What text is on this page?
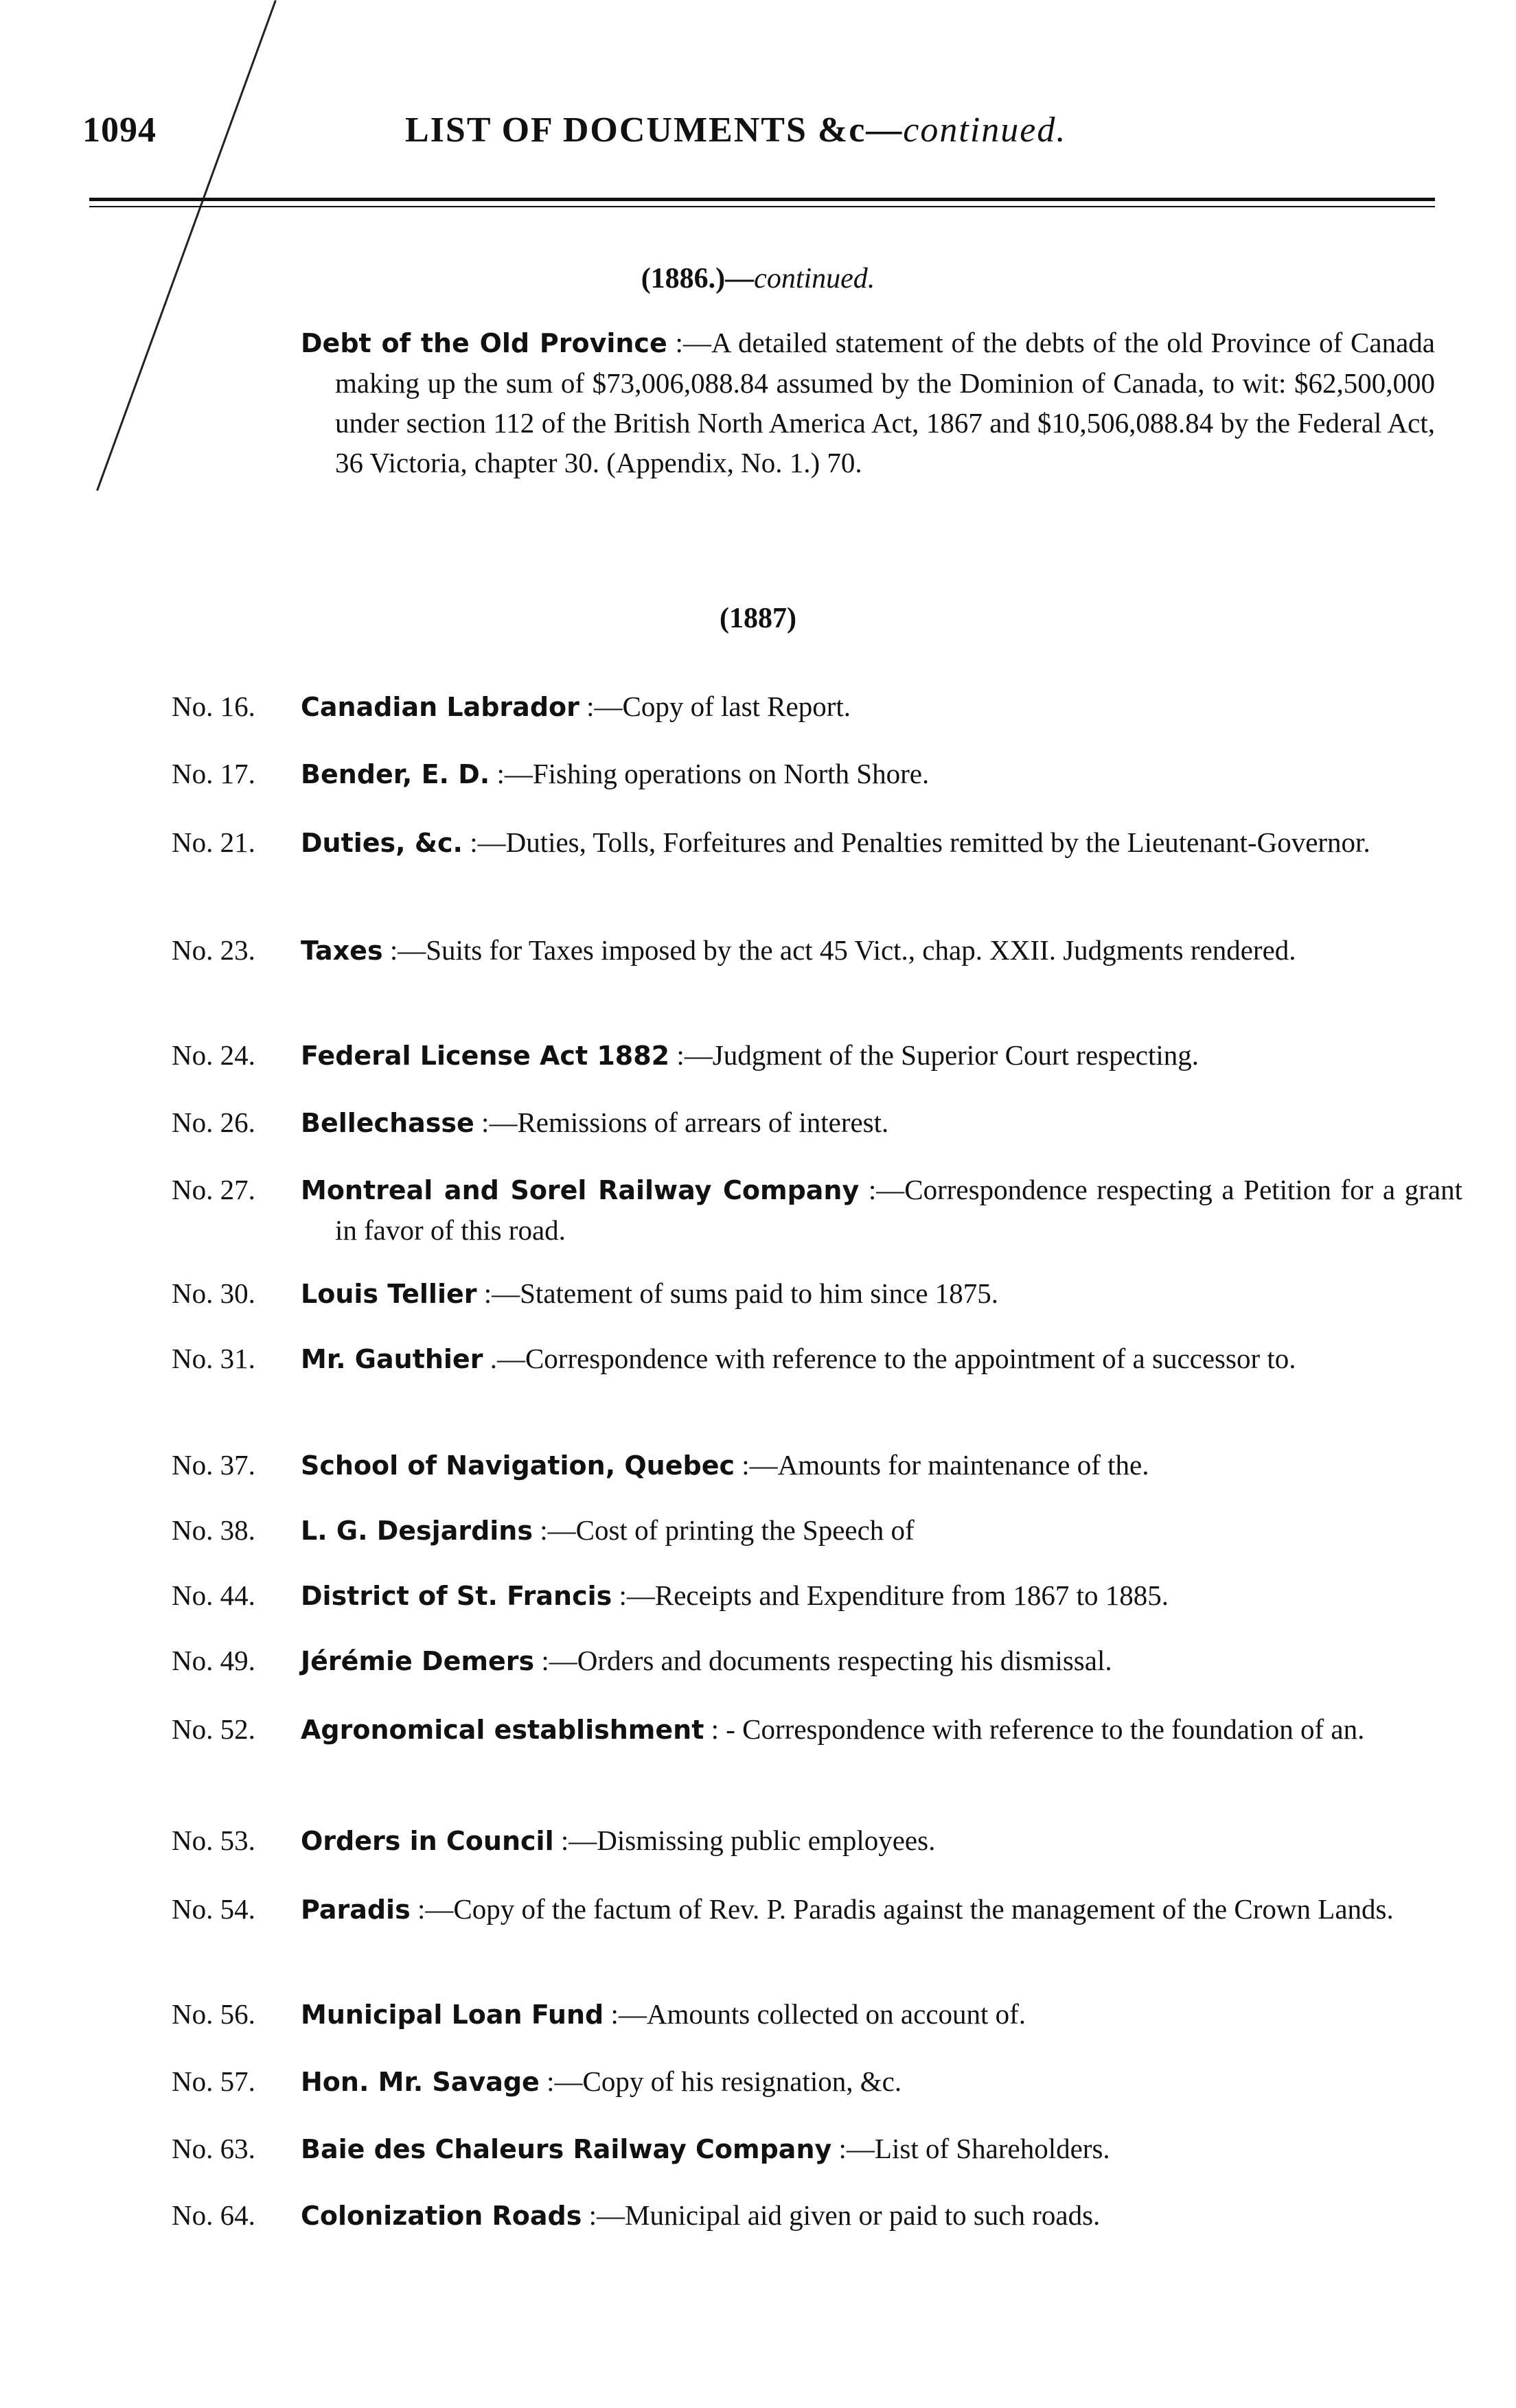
1094	LIST OF DOCUMENTS &c—continued.
(1886.)—continued.
Debt of the Old Province :—A detailed statement of the debts of the old Province of Canada making up the sum of $73,006,088.84 assumed by the Dominion of Canada, to wit: $62,500,000 under section 112 of the British North America Act, 1867 and $10,506,088.84 by the Federal Act, 36 Victoria, chapter 30. (Appendix, No. 1.) 70.
(1887)
No. 16.	Canadian Labrador :—Copy of last Report.
No. 17.	Bender, E. D. :—Fishing operations on North Shore.
No. 21.	Duties, &c. :—Duties, Tolls, Forfeitures and Penalties remitted by the Lieutenant-Governor.
No. 23.	Taxes :—Suits for Taxes imposed by the act 45 Vict., chap. XXII. Judgments rendered.
No. 24.	Federal License Act 1882 :—Judgment of the Superior Court respecting.
No. 26.	Bellechasse :—Remissions of arrears of interest.
No. 27.	Montreal and Sorel Railway Company :—Correspondence respecting a Petition for a grant in favor of this road.
No. 30.	Louis Tellier :—Statement of sums paid to him since 1875.
No. 31.	Mr. Gauthier .—Correspondence with reference to the appointment of a successor to.
No. 37.	School of Navigation, Quebec :—Amounts for maintenance of the.
No. 38.	L. G. Desjardins :—Cost of printing the Speech of
No. 44.	District of St. Francis :—Receipts and Expenditure from 1867 to 1885.
No. 49.	Jérémie Demers :—Orders and documents respecting his dismissal.
No. 52.	Agronomical establishment : - Correspondence with reference to the foundation of an.
No. 53.	Orders in Council :—Dismissing public employees.
No. 54.	Paradis :—Copy of the factum of Rev. P. Paradis against the management of the Crown Lands.
No. 56.	Municipal Loan Fund :—Amounts collected on account of.
No. 57.	Hon. Mr. Savage :—Copy of his resignation, &c.
No. 63.	Baie des Chaleurs Railway Company :—List of Shareholders.
No. 64.	Colonization Roads :—Municipal aid given or paid to such roads.
